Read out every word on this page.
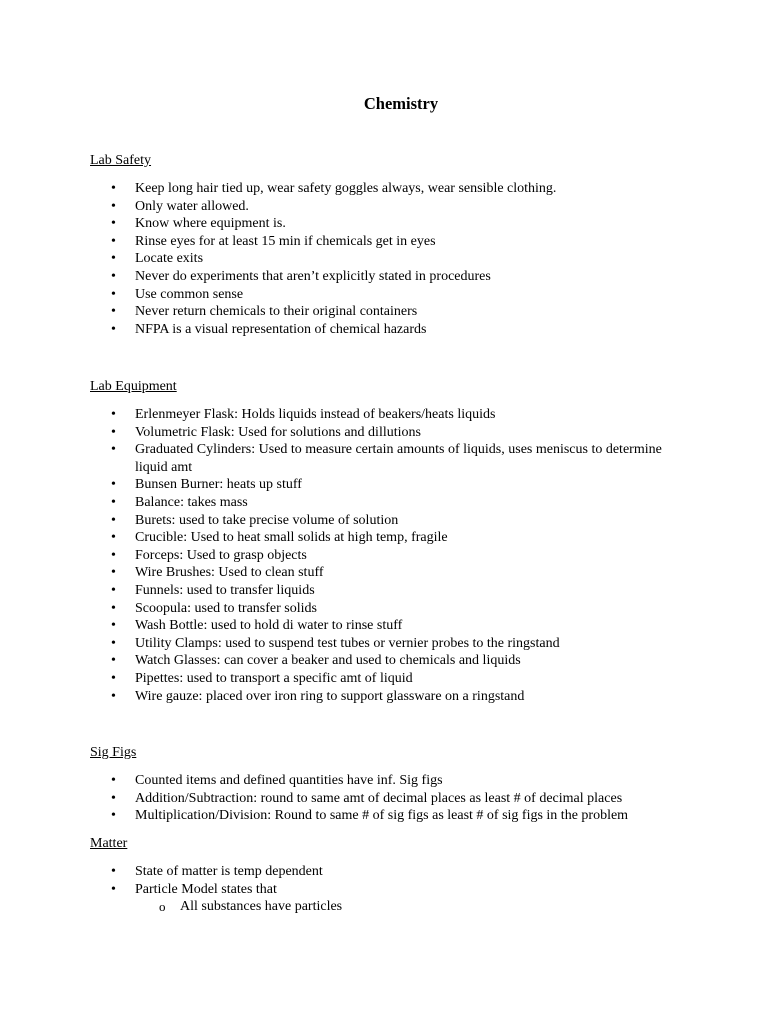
Chemistry
Lab Safety
• Keep long hair tied up, wear safety goggles always, wear sensible clothing.
• Only water allowed.
• Know where equipment is.
• Rinse eyes for at least 15 min if chemicals get in eyes
• Locate exits
• Never do experiments that aren’t explicitly stated in procedures
• Use common sense
• Never return chemicals to their original containers
• NFPA is a visual representation of chemical hazards
Lab Equipment
• Erlenmeyer Flask: Holds liquids instead of beakers/heats liquids
• Volumetric Flask: Used for solutions and dillutions
• Graduated Cylinders: Used to measure certain amounts of liquids, uses meniscus to determine liquid amt
• Bunsen Burner: heats up stuff
• Balance: takes mass
• Burets: used to take precise volume of solution
• Crucible: Used to heat small solids at high temp, fragile
• Forceps: Used to grasp objects
• Wire Brushes: Used to clean stuff
• Funnels: used to transfer liquids
• Scoopula: used to transfer solids
• Wash Bottle: used to hold di water to rinse stuff
• Utility Clamps: used to suspend test tubes or vernier probes to the ringstand
• Watch Glasses: can cover a beaker and used to chemicals and liquids
• Pipettes: used to transport a specific amt of liquid
• Wire gauze: placed over iron ring to support glassware on a ringstand
Sig Figs
• Counted items and defined quantities have inf. Sig figs
• Addition/Subtraction: round to same amt of decimal places as least # of decimal places
• Multiplication/Division: Round to same # of sig figs as least # of sig figs in the problem
Matter
• State of matter is temp dependent
• Particle Model states that
o All substances have particles
